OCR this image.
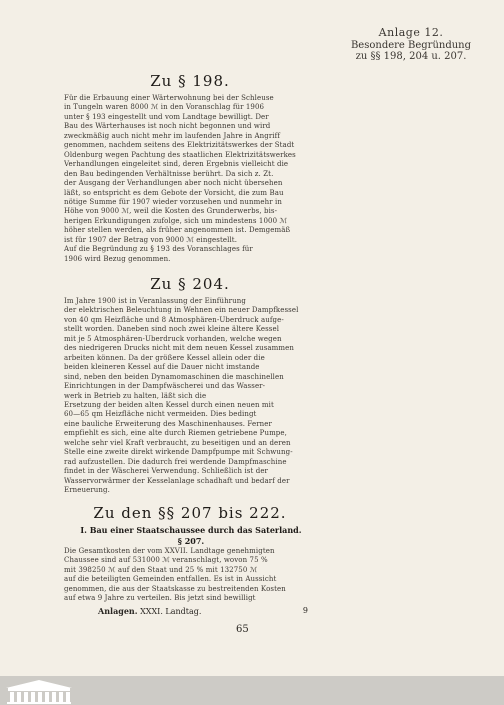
Anlage 12.
Besondere Begründung
zu §§ 198, 204 u. 207.
Zu § 198.
Für die Erbauung einer Wärterwohnung bei der Schleuse
in Tungeln waren 8000 ℳ in den Voranschlag für 1906
unter § 193 eingestellt und vom Landtage bewilligt. Der
Bau des Wärterhauses ist noch nicht begonnen und wird
zweckmäßig auch nicht mehr im laufenden Jahre in Angriff
genommen, nachdem seitens des Elektrizitätswerkes der Stadt
Oldenburg wegen Pachtung des staatlichen Elektrizitätswerkes
Verhandlungen eingeleitet sind, deren Ergebnis vielleicht die
den Bau bedingenden Verhältnisse berührt. Da sich z. Zt.
der Ausgang der Verhandlungen aber noch nicht übersehen
läßt, so entspricht es dem Gebote der Vorsicht, die zum Bau
nötige Summe für 1907 wieder vorzusehen und nunmehr in
Höhe von 9000 ℳ, weil die Kosten des Grunderwerbs, bis-
herigen Erkundigungen zufolge, sich um mindestens 1000 ℳ
höher stellen werden, als früher angenommen ist. Demgemäß
ist für 1907 der Betrag von 9000 ℳ eingestellt.
Auf die Begründung zu § 193 des Voranschlages für
1906 wird Bezug genommen.
Zu § 204.
Im Jahre 1900 ist in Veranlassung der Einführung
der elektrischen Beleuchtung in Wehnen ein neuer Dampfkessel
von 40 qm Heizfläche und 8 Atmosphären-Überdruck aufge-
stellt worden. Daneben sind noch zwei kleine ältere Kessel
mit je 5 Atmosphären-Überdruck vorhanden, welche wegen
des niedrigeren Drucks nicht mit dem neuen Kessel zusammen
arbeiten können. Da der größere Kessel allein oder die
beiden kleineren Kessel auf die Dauer nicht imstande
sind, neben den beiden Dynamomaschinen die maschinellen
Einrichtungen in der Dampfwäscherei und das Wasser-
werk in Betrieb zu halten, läßt sich die
Ersetzung der beiden alten Kessel durch einen neuen mit
60—65 qm Heizfläche nicht vermeiden. Dies bedingt
eine bauliche Erweiterung des Maschinenhauses. Ferner
empfiehlt es sich, eine alte durch Riemen getriebene Pumpe,
welche sehr viel Kraft verbraucht, zu beseitigen und an deren
Stelle eine zweite direkt wirkende Dampfpumpe mit Schwung-
rad aufzustellen. Die dadurch frei werdende Dampfmaschine
findet in der Wäscherei Verwendung. Schließlich ist der
Wasservorwärmer der Kesselanlage schadhaft und bedarf der
Erneuerung.
Zu den §§ 207 bis 222.
I. Bau einer Staatschaussee durch das Saterland.
§ 207.
Die Gesamtkosten der vom XXVII. Landtage genehmigten
Chaussee sind auf 531000 ℳ veranschlagt, wovon 75 %
mit 398250 ℳ auf den Staat und 25 % mit 132750 ℳ
auf die beteiligten Gemeinden entfallen. Es ist in Aussicht
genommen, die aus der Staatskasse zu bestreitenden Kosten
auf etwa 9 Jahre zu verteilen. Bis jetzt sind bewilligt
Anlagen. XXXI. Landtag.	9
65
